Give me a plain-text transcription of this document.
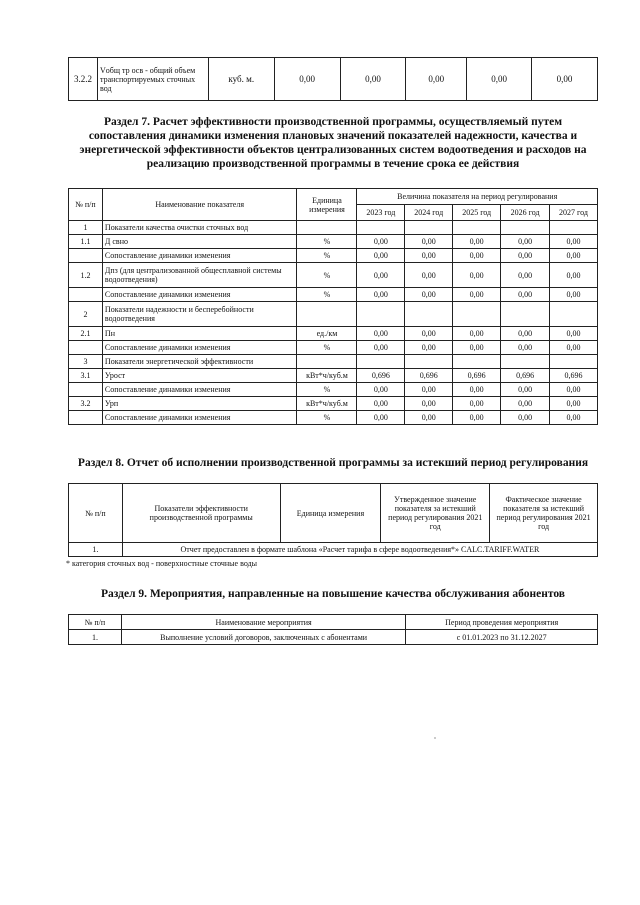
3.2.2	Vобщ тр осв - общий объем транспортируемых сточных вод	куб. м.	0,00	0,00	0,00	0,00	0,00
Раздел 7. Расчет эффективности производственной программы, осуществляемый путем сопоставления динамики изменения плановых значений показателей надежности, качества и энергетической эффективности объектов централизованных систем водоотведения и расходов на реализацию производственной программы в течение срока ее действия
№ п/п	Наименование показателя	Единица измерения	Величина показателя на период регулирования				
			2023 год	2024 год	2025 год	2026 год	2027 год
1	Показатели качества очистки сточных вод						
1.1	Д свно	%	0,00	0,00	0,00	0,00	0,00
	Сопоставление динамики изменения	%	0,00	0,00	0,00	0,00	0,00
1.2	Дпз (для централизованной общесплавной системы водоотведения)	%	0,00	0,00	0,00	0,00	0,00
	Сопоставление динамики изменения	%	0,00	0,00	0,00	0,00	0,00
2	Показатели надежности и бесперебойности водоотведения						
2.1	Пн	ед./км	0,00	0,00	0,00	0,00	0,00
	Сопоставление динамики изменения	%	0,00	0,00	0,00	0,00	0,00
3	Показатели энергетической эффективности						
3.1	Урост	кВт*ч/куб.м	0,696	0,696	0,696	0,696	0,696
	Сопоставление динамики изменения	%	0,00	0,00	0,00	0,00	0,00
3.2	Урп	кВт*ч/куб.м	0,00	0,00	0,00	0,00	0,00
	Сопоставление динамики изменения	%	0,00	0,00	0,00	0,00	0,00
Раздел 8. Отчет об исполнении производственной программы за истекший период регулирования
№ п/п	Показатели эффективности производственной программы	Единица измерения	Утвержденное значение показателя за истекший период регулирования 2021 год	Фактическое значение показателя за истекший период регулирования 2021 год
1.	Отчет предоставлен в формате шаблона «Расчет тарифа в сфере водоотведения*» CALC.TARIFF.WATER			
* категория сточных вод - поверхностные сточные воды
Раздел 9. Мероприятия, направленные на повышение качества обслуживания абонентов
№ п/п	Наименование мероприятия	Период проведения мероприятия
1.	Выполнение условий договоров, заключенных с абонентами	с 01.01.2023 по 31.12.2027
